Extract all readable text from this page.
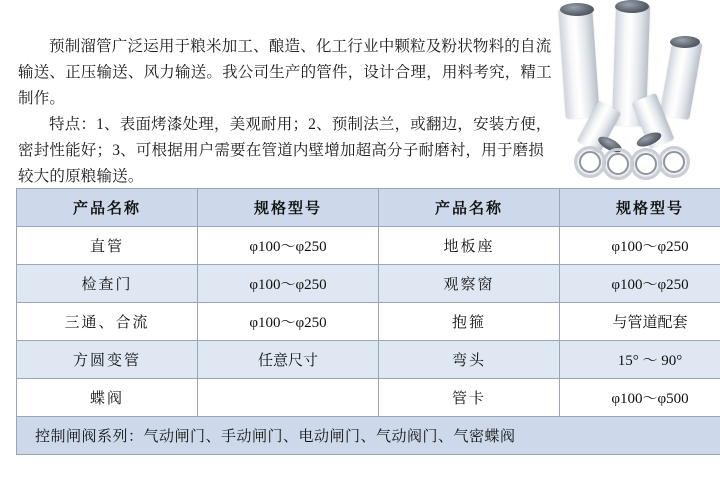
预制溜管广泛运用于粮米加工、酿造、化工行业中颗粒及粉状物料的自流输送、正压输送、风力输送。我公司生产的管件，设计合理，用料考究，精工制作。

特点：1、表面烤漆处理，美观耐用；2、预制法兰，或翻边，安装方便，密封性能好；3、可根据用户需要在管道内壁增加超高分子耐磨衬，用于磨损较大的原粮输送。

产品名称	规格型号	产品名称	规格型号
直管	φ100～φ250	地板座	φ100～φ250
检查门	φ100～φ250	观察窗	φ100～φ250
三通、合流	φ100～φ250	抱箍	与管道配套
方圆变管	任意尺寸	弯头	15° ～ 90°
蝶阀		管卡	φ100～φ500
控制闸阀系列：气动闸门、手动闸门、电动闸门、气动阀门、气密蝶阀			
